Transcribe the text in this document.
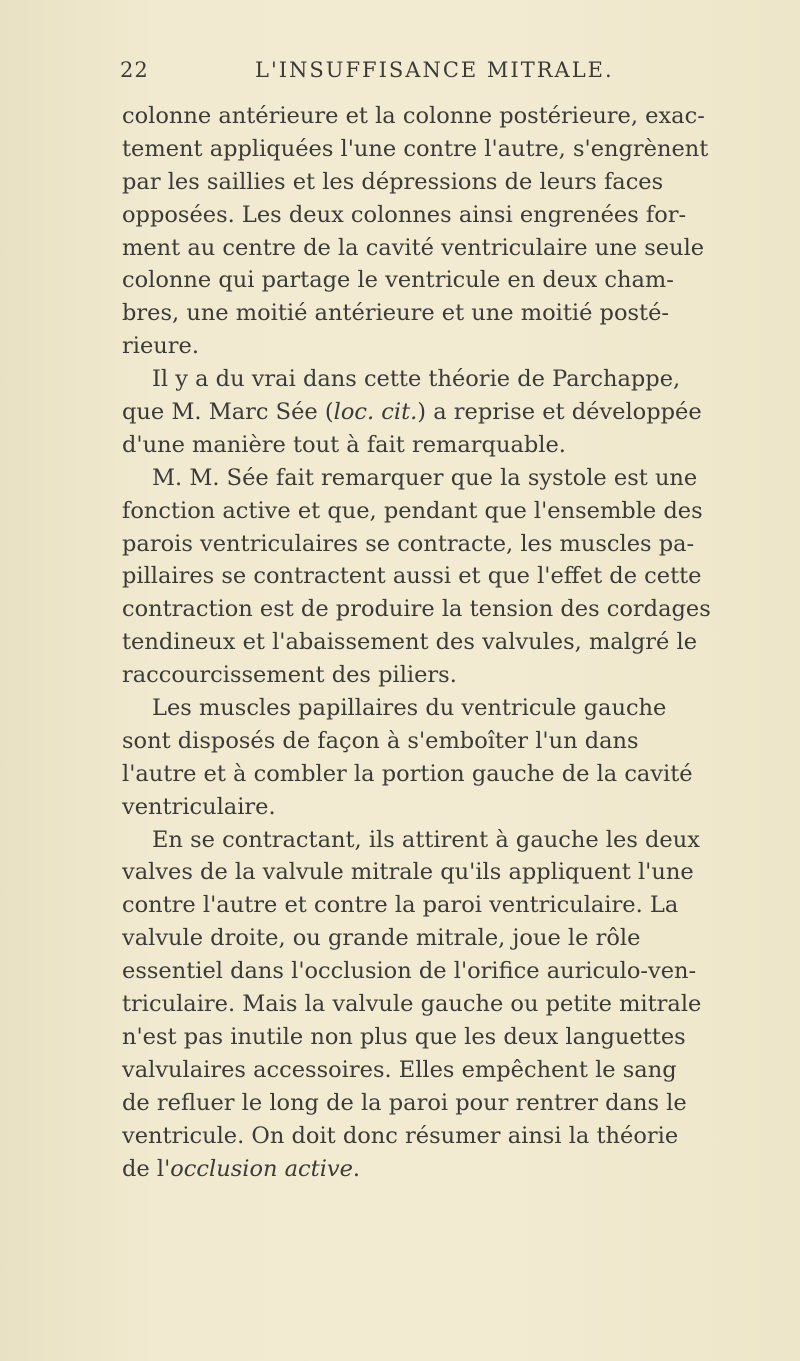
22	L'INSUFFISANCE MITRALE.
colonne antérieure et la colonne postérieure, exac-
tement appliquées l'une contre l'autre, s'engrènent
par les saillies et les dépressions de leurs faces
opposées. Les deux colonnes ainsi engrenées for-
ment au centre de la cavité ventriculaire une seule
colonne qui partage le ventricule en deux cham-
bres, une moitié antérieure et une moitié posté-
rieure.
Il y a du vrai dans cette théorie de Parchappe,
que M. Marc Sée (loc. cit.) a reprise et développée
d'une manière tout à fait remarquable.
M. M. Sée fait remarquer que la systole est une
fonction active et que, pendant que l'ensemble des
parois ventriculaires se contracte, les muscles pa-
pillaires se contractent aussi et que l'effet de cette
contraction est de produire la tension des cordages
tendineux et l'abaissement des valvules, malgré le
raccourcissement des piliers.
Les muscles papillaires du ventricule gauche
sont disposés de façon à s'emboîter l'un dans
l'autre et à combler la portion gauche de la cavité
ventriculaire.
En se contractant, ils attirent à gauche les deux
valves de la valvule mitrale qu'ils appliquent l'une
contre l'autre et contre la paroi ventriculaire. La
valvule droite, ou grande mitrale, joue le rôle
essentiel dans l'occlusion de l'orifice auriculo-ven-
triculaire. Mais la valvule gauche ou petite mitrale
n'est pas inutile non plus que les deux languettes
valvulaires accessoires. Elles empêchent le sang
de refluer le long de la paroi pour rentrer dans le
ventricule. On doit donc résumer ainsi la théorie
de l'occlusion active.
